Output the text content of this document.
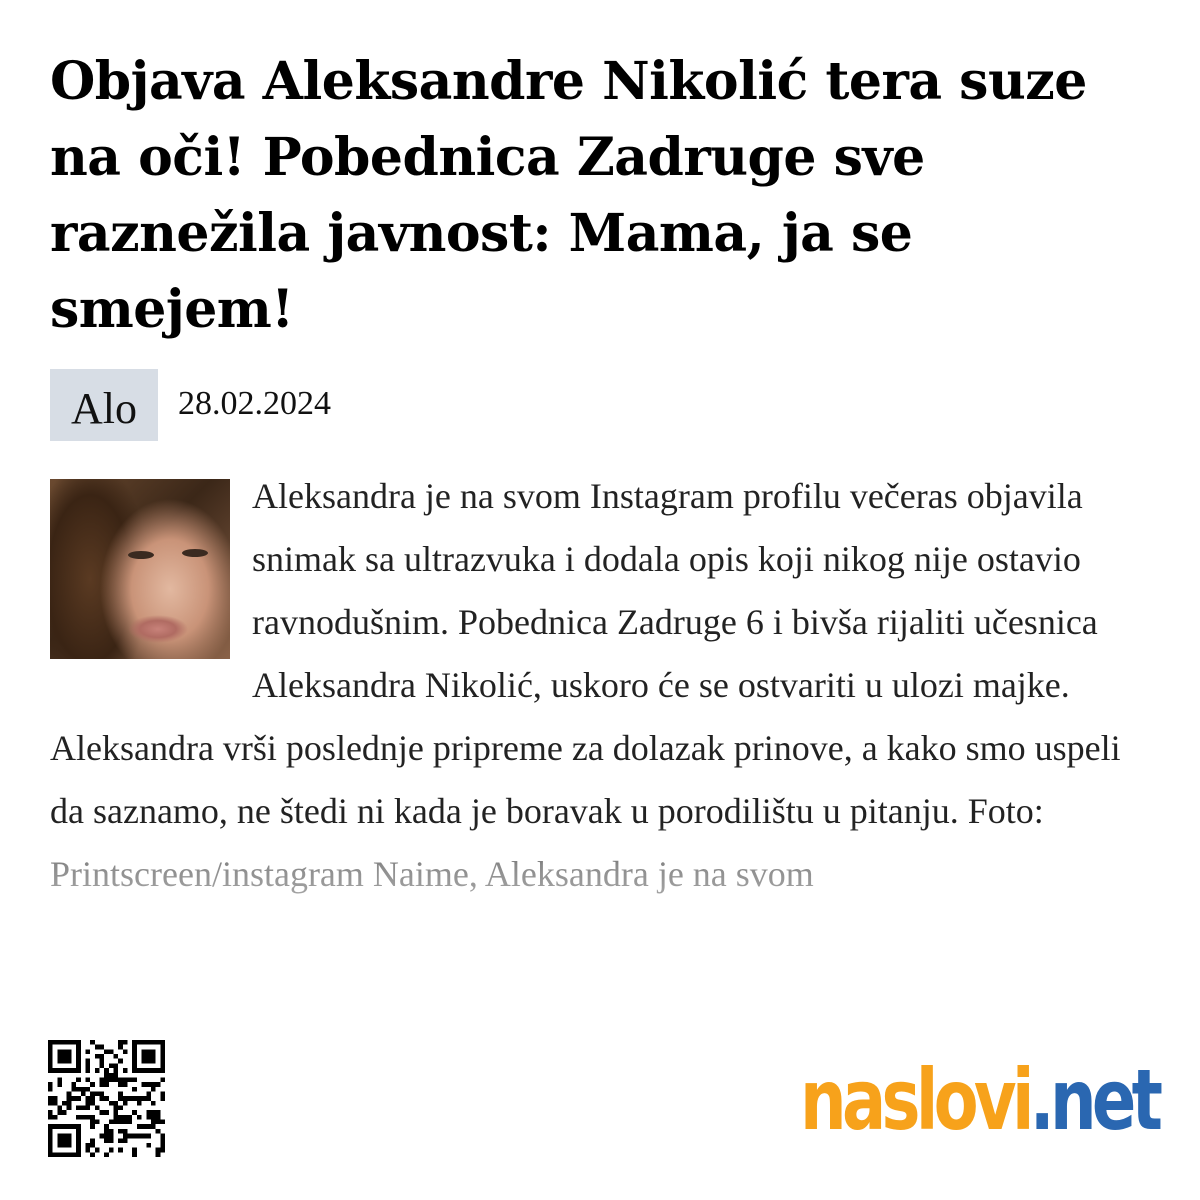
Objava Aleksandre Nikolić tera suze na oči! Pobednica Zadruge sve raznežila javnost: Mama, ja se smejem!
Alo	28.02.2024

Aleksandra je na svom Instagram profilu večeras objavila snimak sa ultrazvuka i dodala opis koji nikog nije ostavio ravnodušnim. Pobednica Zadruge 6 i bivša rijaliti učesnica Aleksandra Nikolić, uskoro će se ostvariti u ulozi majke. Aleksandra vrši poslednje pripreme za dolazak prinove, a kako smo uspeli da saznamo, ne štedi ni kada je boravak u porodilištu u pitanju. Foto: Printscreen/instagram Naime, Aleksandra je na svom

naslovi.net
